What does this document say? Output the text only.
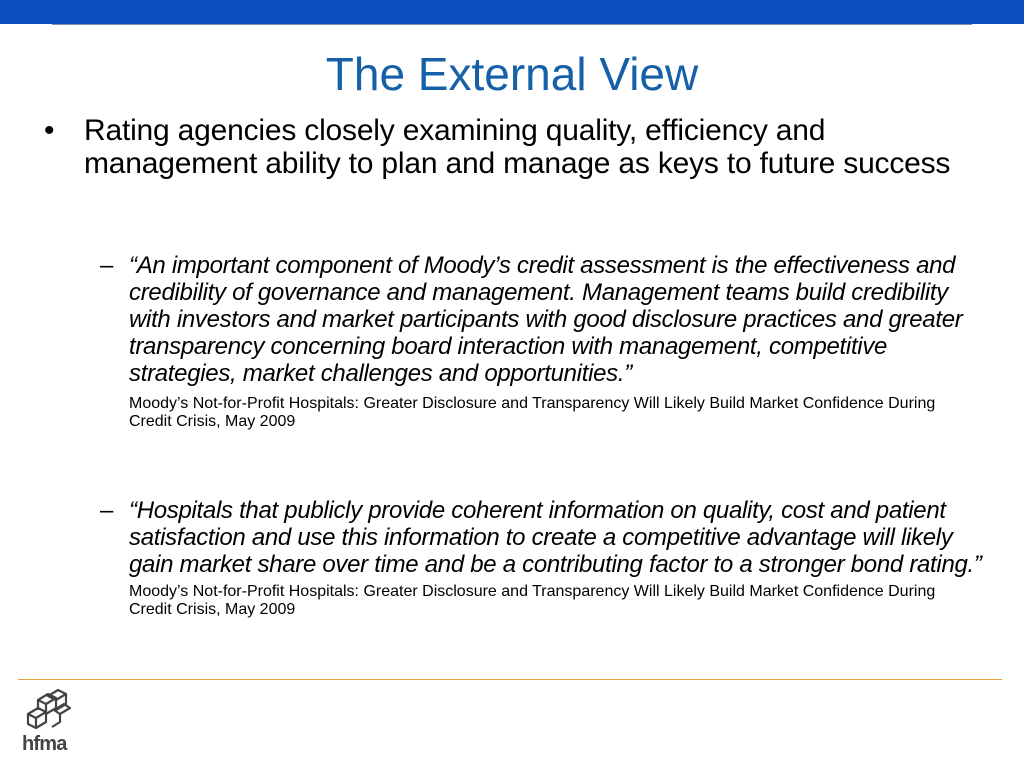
The External View
• Rating agencies closely examining quality, efficiency and management ability to plan and manage as keys to future success
– “An important component of Moody’s credit assessment is the effectiveness and credibility of governance and management. Management teams build credibility with investors and market participants with good disclosure practices and greater transparency concerning board interaction with management, competitive strategies, market challenges and opportunities.”
Moody’s Not-for-Profit Hospitals: Greater Disclosure and Transparency Will Likely Build Market Confidence During Credit Crisis, May 2009
– “Hospitals that publicly provide coherent information on quality, cost and patient satisfaction and use this information to create a competitive advantage will likely gain market share over time and be a contributing factor to a stronger bond rating.”
Moody’s Not-for-Profit Hospitals: Greater Disclosure and Transparency Will Likely Build Market Confidence During Credit Crisis, May 2009
hfma
